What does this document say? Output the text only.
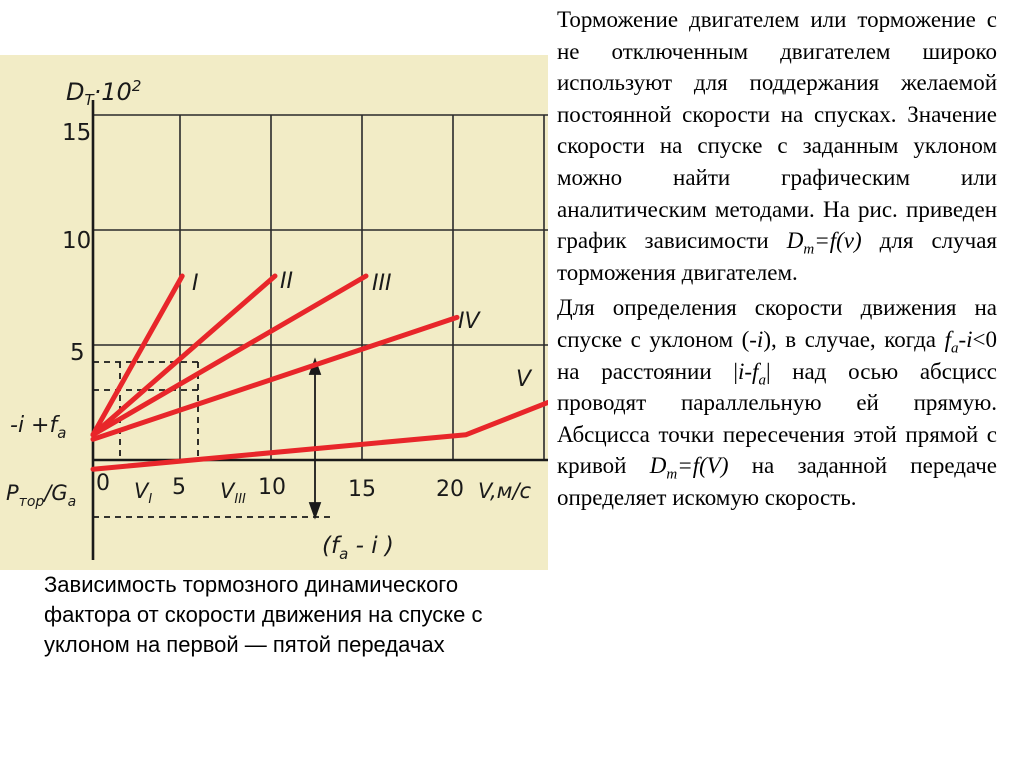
$D_Т\cdot 10^2$
15
10
5
$-i +f_a$
0	5	10	15	20 V,м/с
$V_I$	$V_{III}$
$P_{тор}/G_a$
($f_a$ - i )
I	II	III
IV
V
Зависимость тормозного динамического фактора от скорости движения на спуске с уклоном на первой — пятой передачах

Торможение двигателем или торможение с не отключенным двигателем широко используют для поддержания желаемой постоянной скорости на спусках. Значение скорости на спуске с заданным уклоном можно найти графическим или аналитическим методами. На рис. приведен график зависимости $D_m=f(v)$ для случая торможения двигателем.

Для определения скорости движения на спуске с уклоном (-i), в случае, когда $f_a-i<0$ на расстоянии $|i-f_a|$ над осью абсцисс проводят параллельную ей прямую. Абсцисса точки пересечения этой прямой с кривой $D_m=f(V)$ на заданной передаче определяет искомую скорость.
